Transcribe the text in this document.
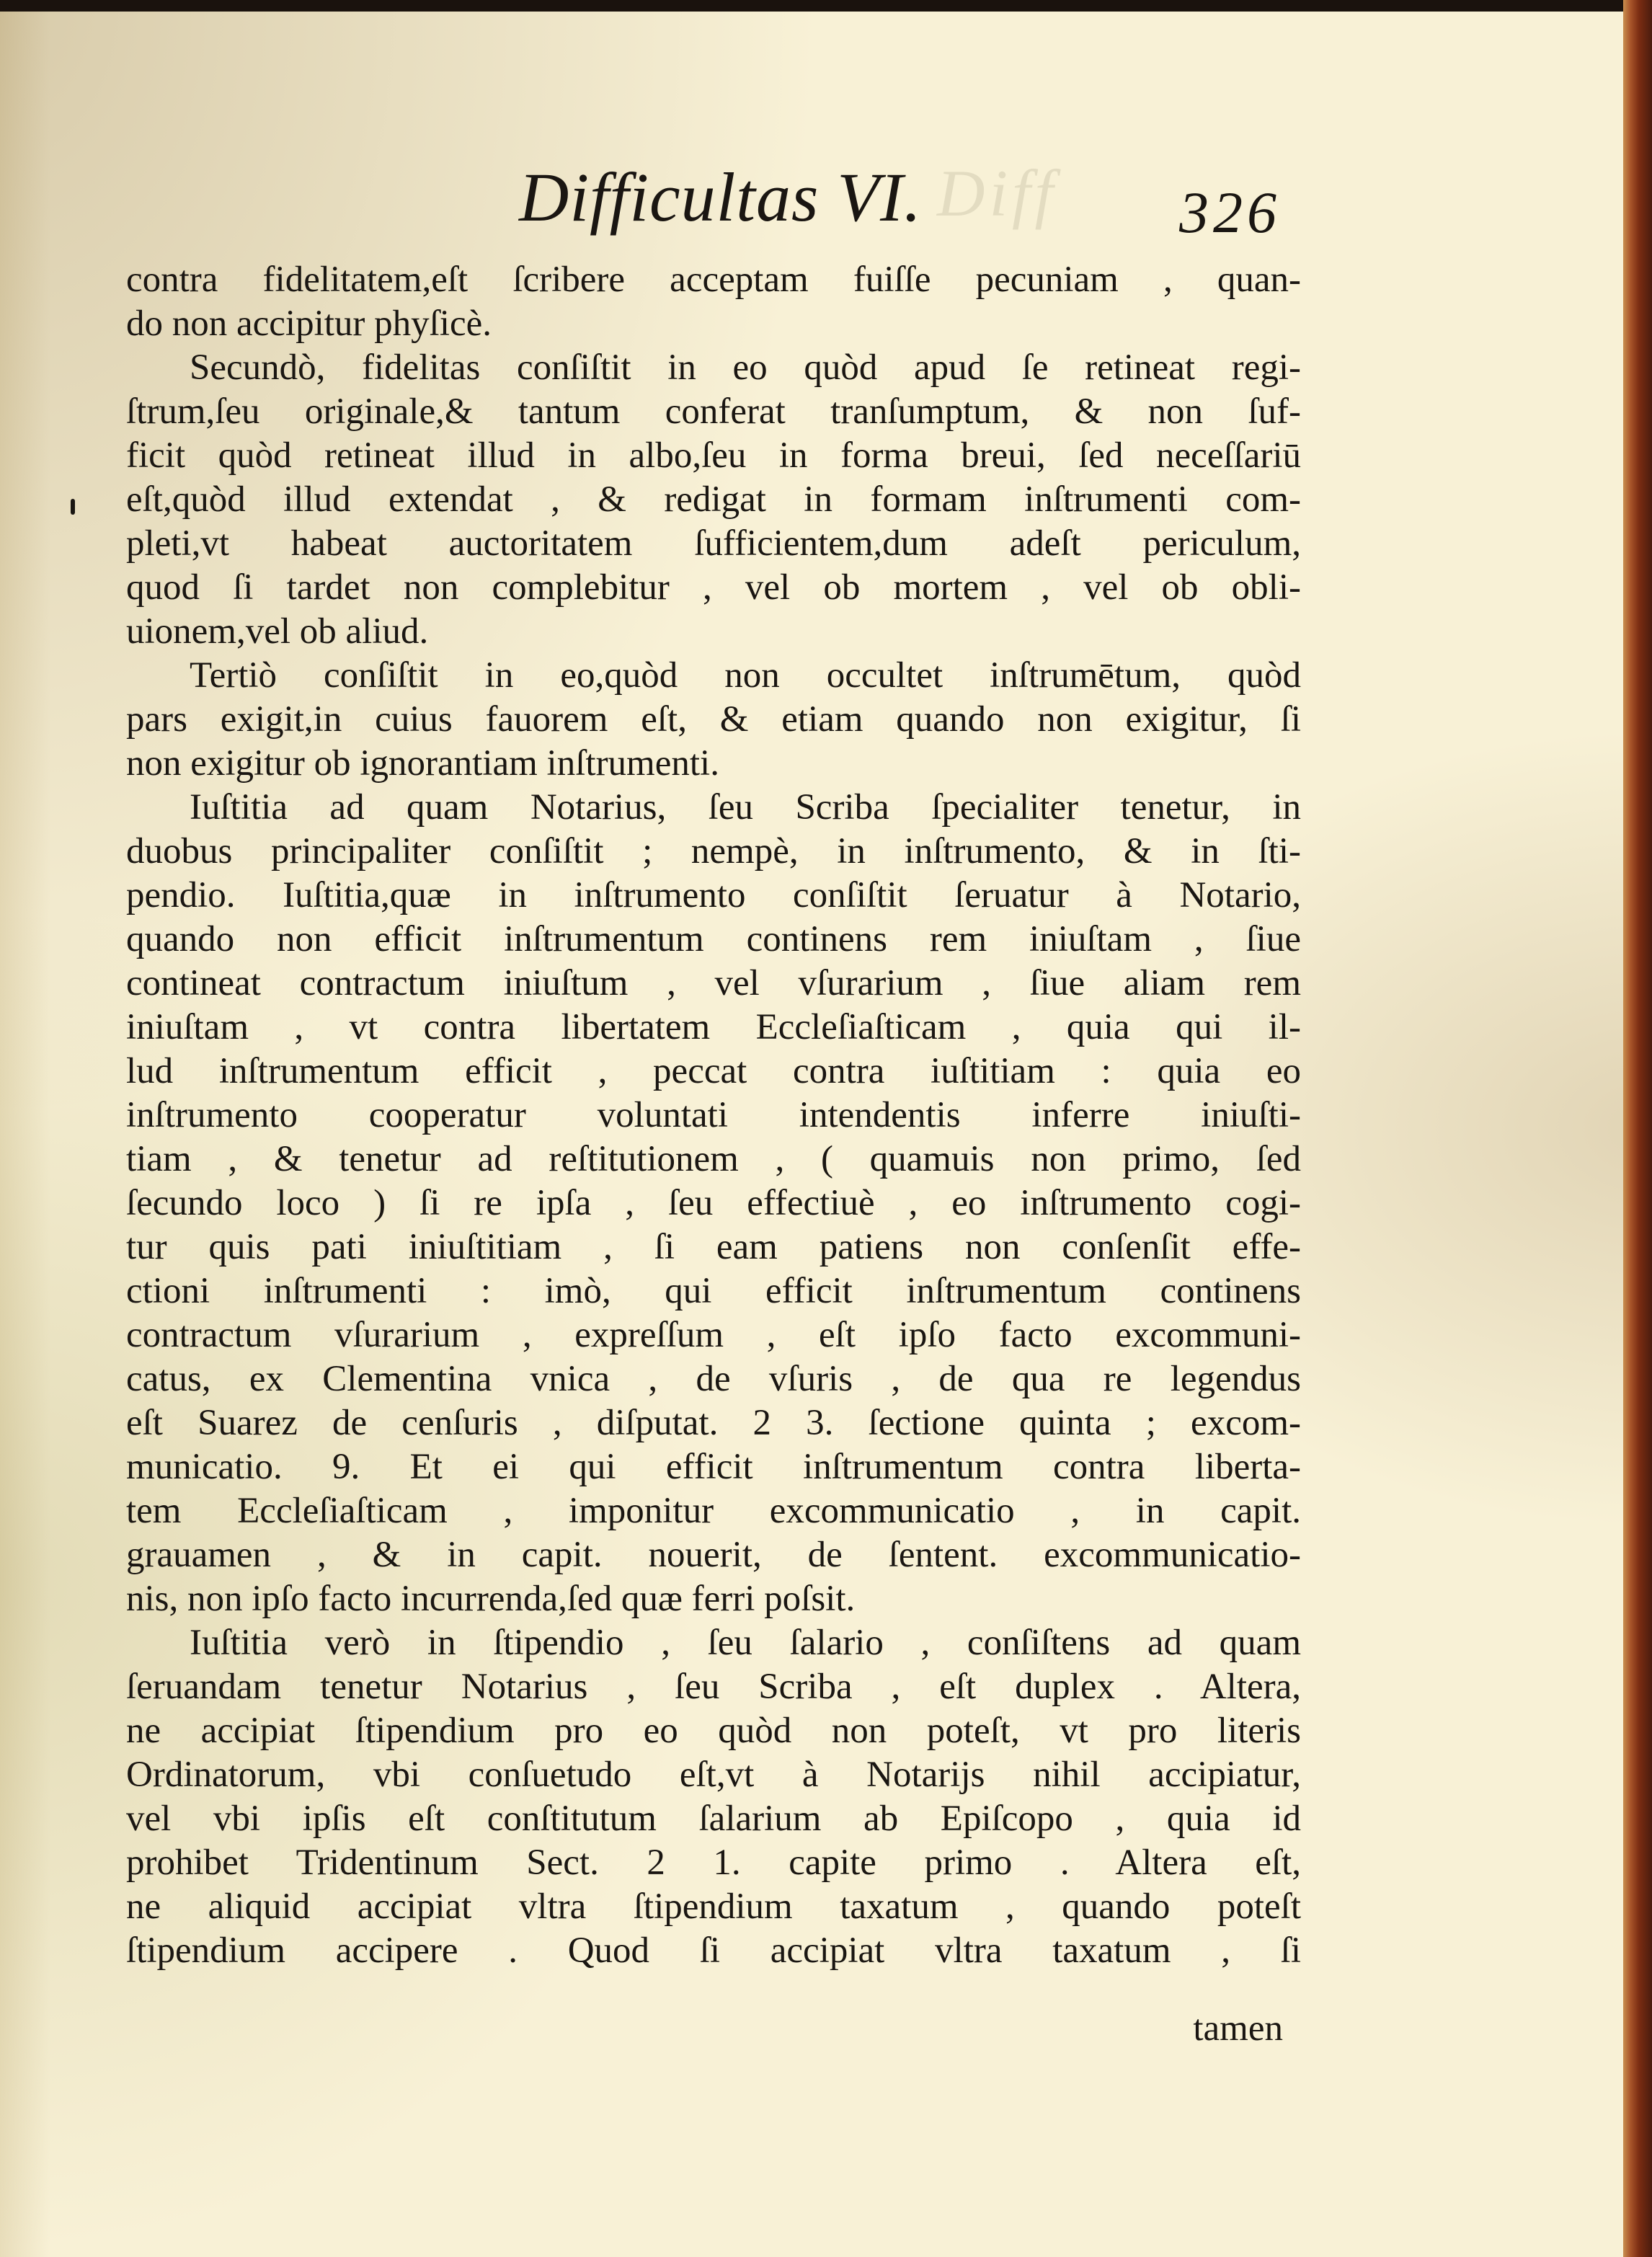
Diff
Difficultas VI.	326
contra fidelitatem,eſt ſcribere acceptam fuiſſe pecuniam , quan-
do non accipitur phyſicè.
Secundò, fidelitas conſiſtit in eo quòd apud ſe retineat regi-
ſtrum,ſeu originale,& tantum conferat tranſumptum, & non ſuf-
ficit quòd retineat illud in albo,ſeu in forma breui, ſed neceſſariū
eſt,quòd illud extendat , & redigat in formam inſtrumenti com-
pleti,vt habeat auctoritatem ſufficientem,dum adeſt periculum,
quod ſi tardet non complebitur , vel ob mortem , vel ob obli-
uionem,vel ob aliud.
Tertiò conſiſtit in eo,quòd non occultet inſtrumētum, quòd
pars exigit,in cuius fauorem eſt, & etiam quando non exigitur, ſi
non exigitur ob ignorantiam inſtrumenti.
Iuſtitia ad quam Notarius, ſeu Scriba ſpecialiter tenetur, in
duobus principaliter conſiſtit ; nempè, in inſtrumento, & in ſti-
pendio. Iuſtitia,quæ in inſtrumento conſiſtit ſeruatur à Notario,
quando non efficit inſtrumentum continens rem iniuſtam , ſiue
contineat contractum iniuſtum , vel vſurarium , ſiue aliam rem
iniuſtam , vt contra libertatem Eccleſiaſticam , quia qui il-
lud inſtrumentum efficit , peccat contra iuſtitiam : quia eo
inſtrumento cooperatur voluntati intendentis inferre iniuſti-
tiam , & tenetur ad reſtitutionem , ( quamuis non primo, ſed
ſecundo loco ) ſi re ipſa , ſeu effectiuè , eo inſtrumento cogi-
tur quis pati iniuſtitiam , ſi eam patiens non conſenſit effe-
ctioni inſtrumenti : imò, qui efficit inſtrumentum continens
contractum vſurarium , expreſſum , eſt ipſo facto excommuni-
catus, ex Clementina vnica , de vſuris , de qua re legendus
eſt Suarez de cenſuris , diſputat. 2 3. ſectione quinta ; excom-
municatio. 9. Et ei qui efficit inſtrumentum contra liberta-
tem Eccleſiaſticam , imponitur excommunicatio , in capit.
grauamen , & in capit. nouerit, de ſentent. excommunicatio-
nis, non ipſo facto incurrenda,ſed quæ ferri poſsit.
Iuſtitia verò in ſtipendio , ſeu ſalario , conſiſtens ad quam
ſeruandam tenetur Notarius , ſeu Scriba , eſt duplex . Altera,
ne accipiat ſtipendium pro eo quòd non poteſt, vt pro literis
Ordinatorum, vbi conſuetudo eſt,vt à Notarijs nihil accipiatur,
vel vbi ipſis eſt conſtitutum ſalarium ab Epiſcopo , quia id
prohibet Tridentinum Sect. 2 1. capite primo . Altera eſt,
ne aliquid accipiat vltra ſtipendium taxatum , quando poteſt
ſtipendium accipere . Quod ſi accipiat vltra taxatum , ſi
tamen
